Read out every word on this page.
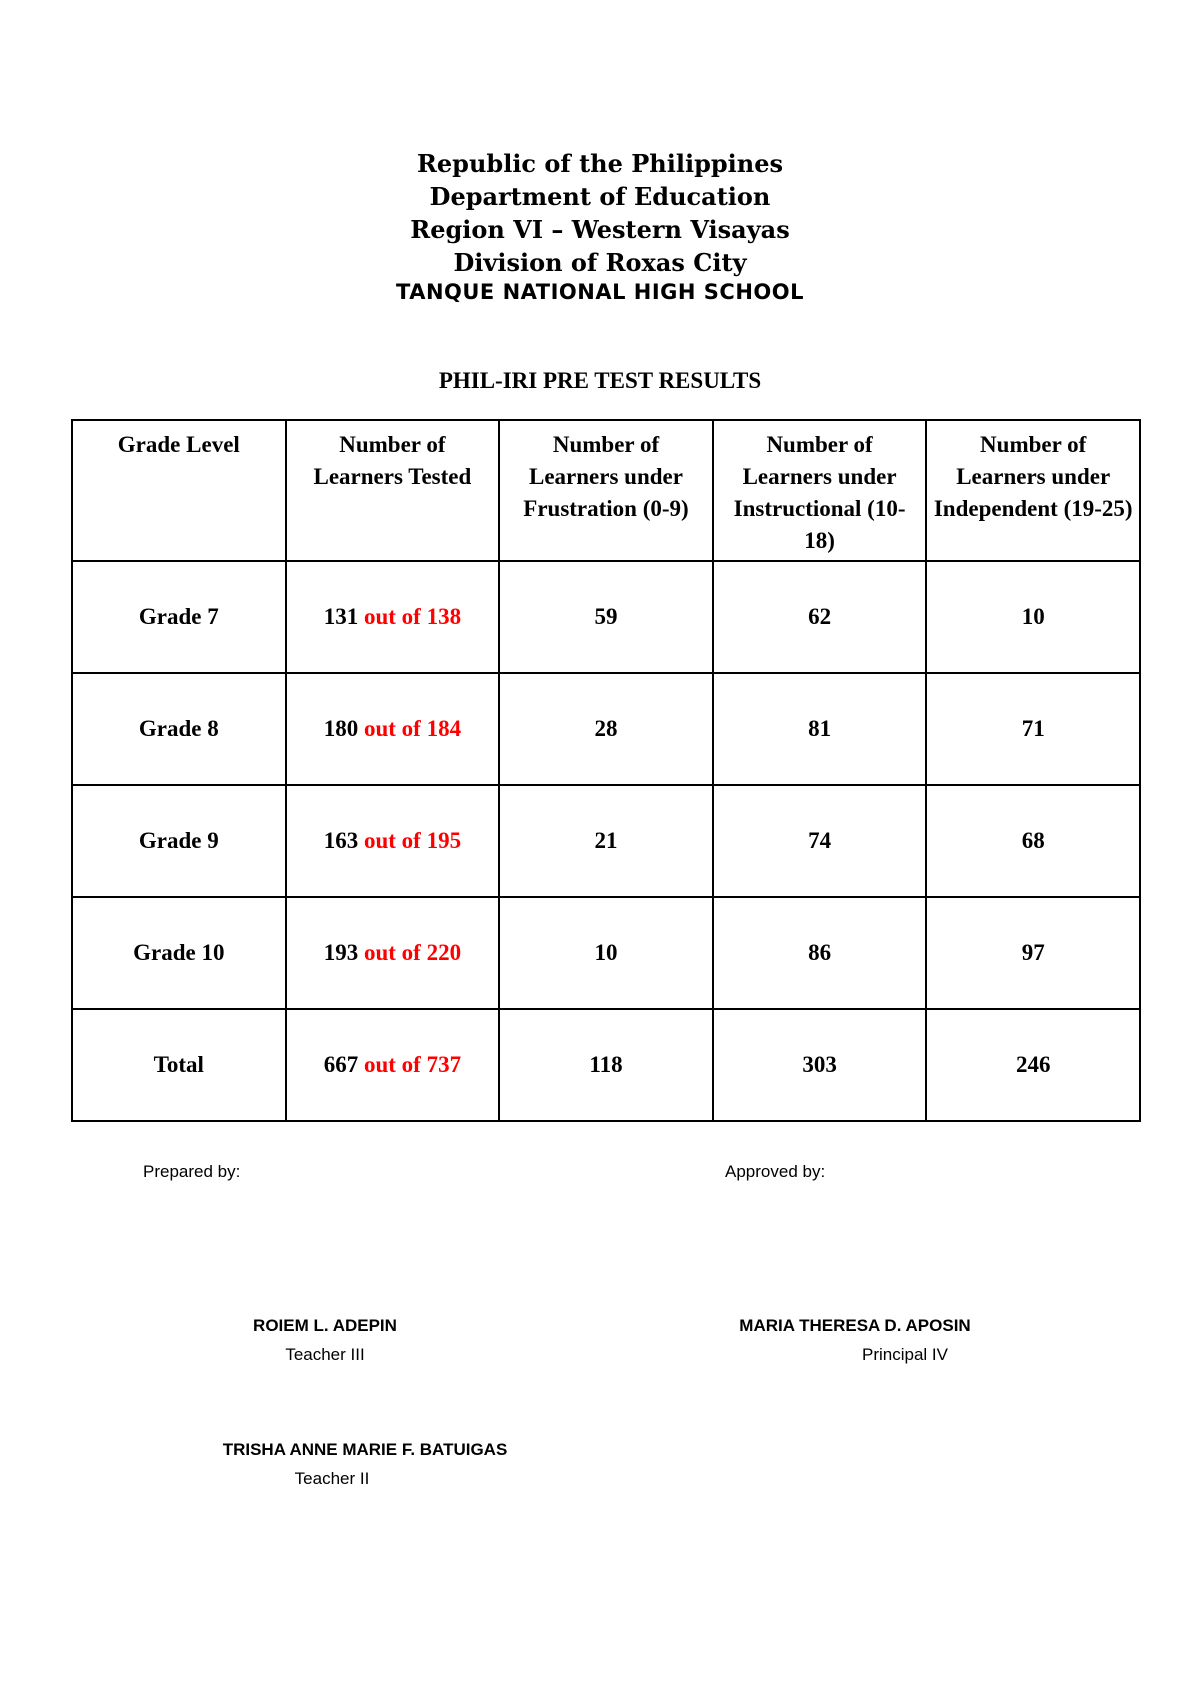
Republic of the Philippines
Department of Education
Region VI – Western Visayas
Division of Roxas City
TANQUE NATIONAL HIGH SCHOOL
PHIL-IRI PRE TEST RESULTS
Grade Level	Number of Learners Tested	Number of Learners under Frustration (0-9)	Number of Learners under Instructional (10-18)	Number of Learners under Independent (19-25)
Grade 7	131 out of 138	59	62	10
Grade 8	180 out of 184	28	81	71
Grade 9	163 out of 195	21	74	68
Grade 10	193 out of 220	10	86	97
Total	667 out of 737	118	303	246
Prepared by:	Approved by:
ROIEM L. ADEPIN
Teacher III
MARIA THERESA D. APOSIN
Principal IV
TRISHA ANNE MARIE F. BATUIGAS
Teacher II
